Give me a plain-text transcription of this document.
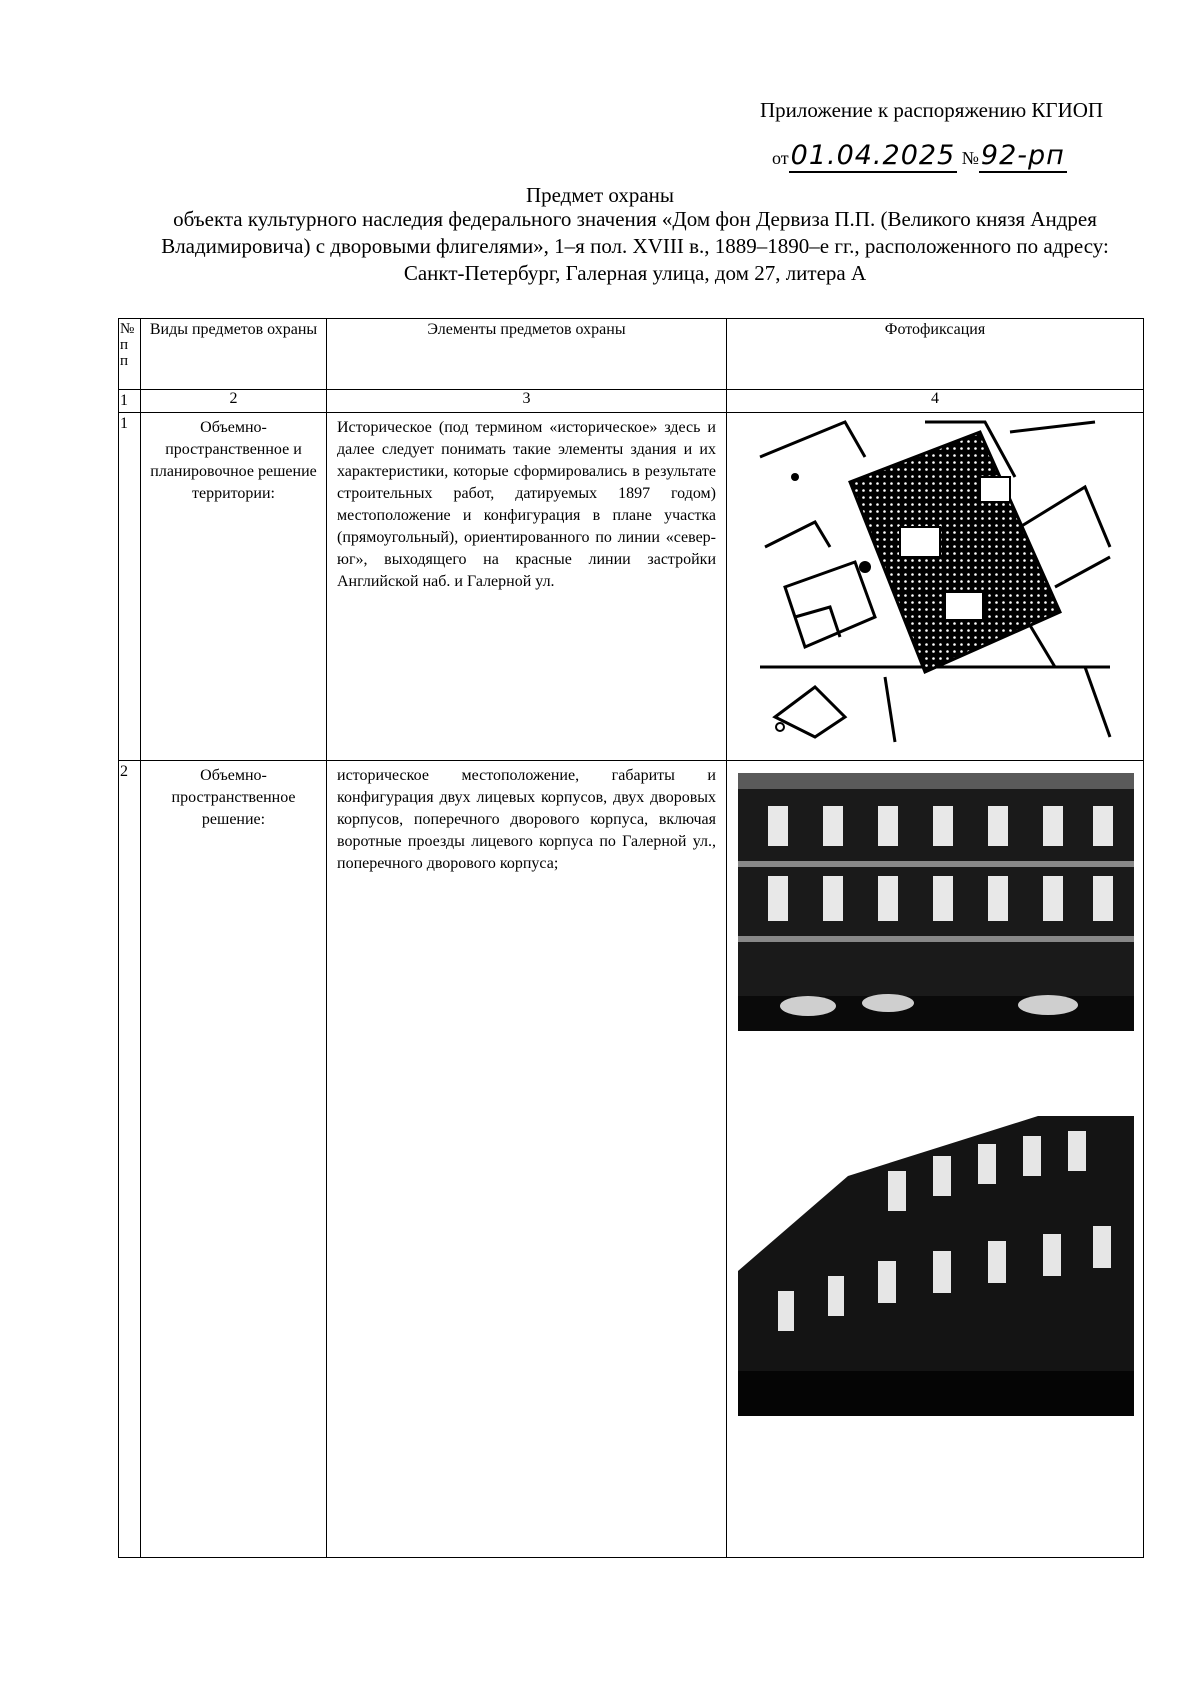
Приложение к распоряжению КГИОП
от01.04.2025 №92-рп
Предмет охраны
объекта культурного наследия федерального значения «Дом фон Дервиза П.П. (Великого князя Андрея Владимировича) с дворовыми флигелями», 1–я пол. XVIII в., 1889–1890–е гг., расположенного по адресу: Санкт-Петербург, Галерная улица, дом 27, литера А
№ п п	Виды предметов охраны	Элементы предметов охраны	Фотофиксация
1	2	3	4
1	Объемно-пространственное и планировочное решение территории:	Историческое (под термином «историческое» здесь и далее следует понимать такие элементы здания и их характеристики, которые сформировались в результате строительных работ, датируемых 1897 годом) местоположение и конфигурация в плане участка (прямоугольный), ориентированного по линии «север-юг», выходящего на красные линии застройки Английской наб. и Галерной ул.	

2	Объемно-пространственное решение:	историческое местоположение, габариты и конфигурация двух лицевых корпусов, двух дворовых корпусов, поперечного дворового корпуса, включая воротные проезды лицевого корпуса по Галерной ул., поперечного дворового корпуса;	
